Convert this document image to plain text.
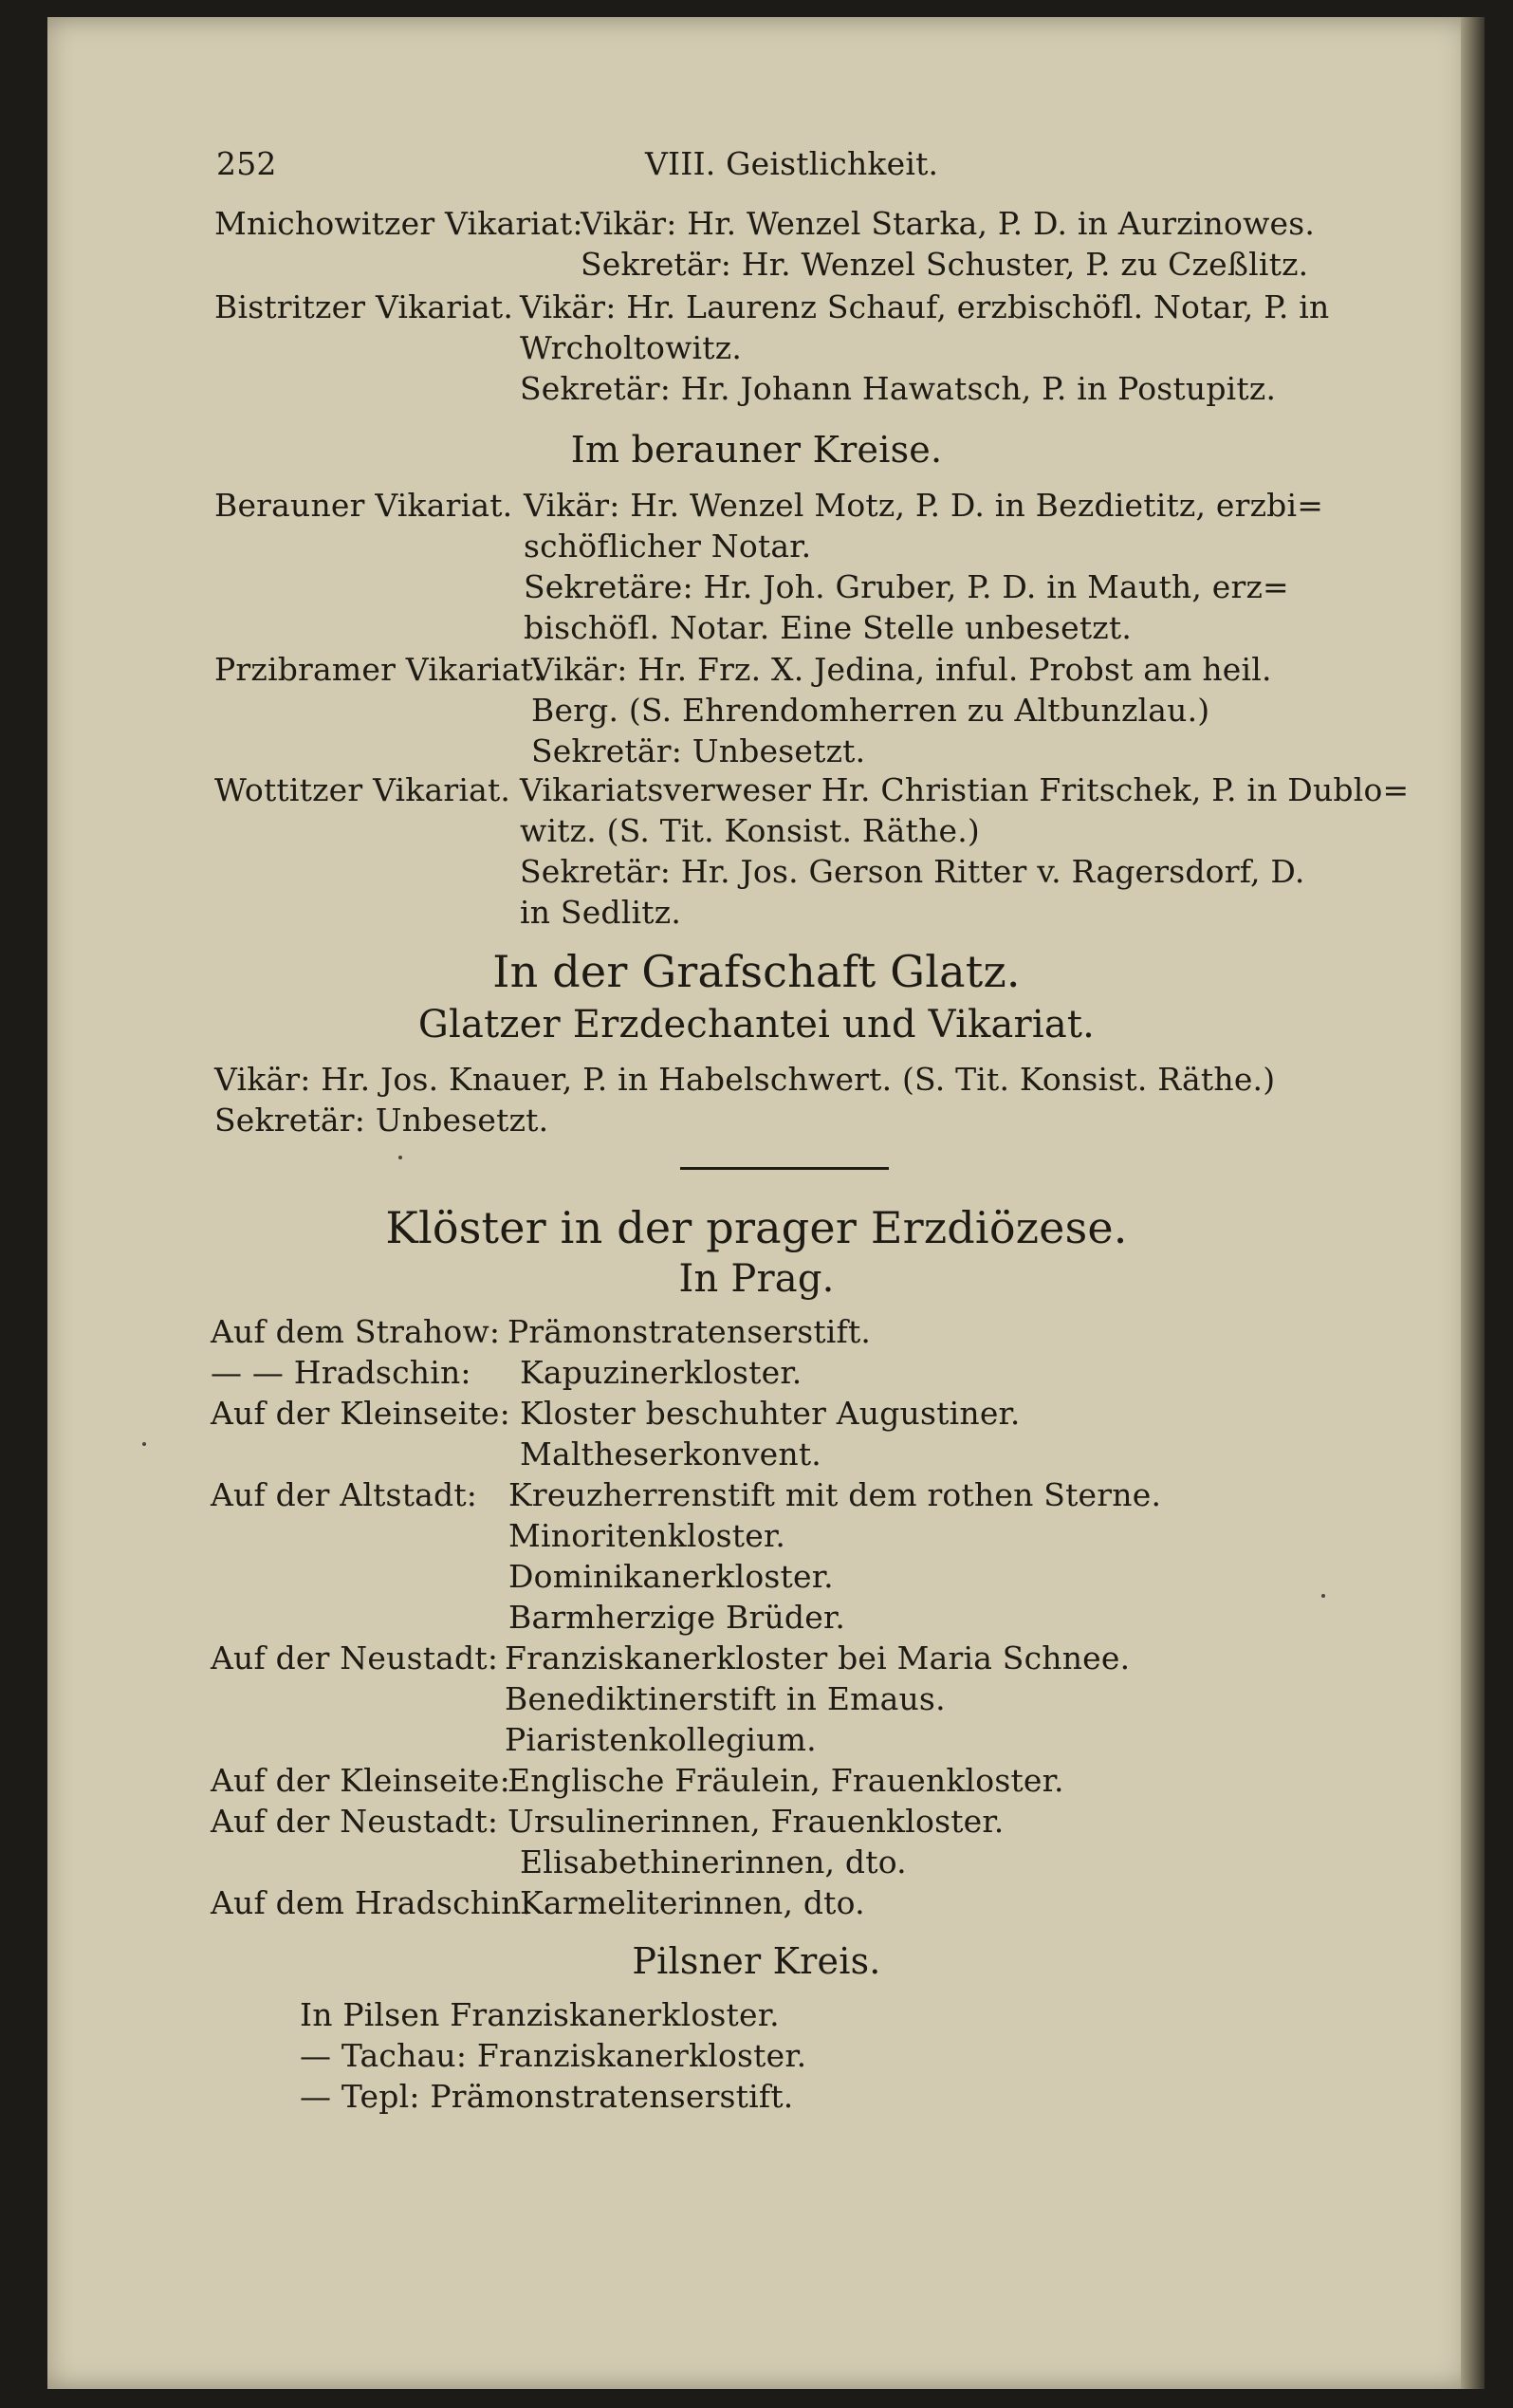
252	VIII. Geistlichkeit.
Mnichowitzer Vikariat:
Vikär: Hr. Wenzel Starka, P. D. in Aurzinowes.
Sekretär: Hr. Wenzel Schuster, P. zu Czeßlitz.
Bistritzer Vikariat. Vikär: Hr. Laurenz Schauf, erzbischöfl. Notar, P. in
Wrcholtowitz.
Sekretär: Hr. Johann Hawatsch, P. in Postupitz.
Im berauner Kreise.
Berauner Vikariat. Vikär: Hr. Wenzel Motz, P. D. in Bezdietitz, erzbi=
schöflicher Notar.
Sekretäre: Hr. Joh. Gruber, P. D. in Mauth, erz=
bischöfl. Notar. Eine Stelle unbesetzt.
Przibramer Vikariat.
Vikär: Hr. Frz. X. Jedina, inful. Probst am heil.
Berg. (S. Ehrendomherren zu Altbunzlau.)
Sekretär: Unbesetzt.
Wottitzer Vikariat. Vikariatsverweser Hr. Christian Fritschek, P. in Dublo=
witz. (S. Tit. Konsist. Räthe.)
Sekretär: Hr. Jos. Gerson Ritter v. Ragersdorf, D.
in Sedlitz.
In der Grafschaft Glatz.
Glatzer Erzdechantei und Vikariat.
Vikär: Hr. Jos. Knauer, P. in Habelschwert. (S. Tit. Konsist. Räthe.)
Sekretär: Unbesetzt.
Klöster in der prager Erzdiözese.
In Prag.
Auf dem Strahow: Prämonstratenserstift.
— — Hradschin: Kapuzinerkloster.
Auf der Kleinseite: Kloster beschuhter Augustiner.
Maltheserkonvent.
Auf der Altstadt: Kreuzherrenstift mit dem rothen Sterne.
Minoritenkloster.
Dominikanerkloster.
Barmherzige Brüder.
Auf der Neustadt: Franziskanerkloster bei Maria Schnee.
Benediktinerstift in Emaus.
Piaristenkollegium.
Auf der Kleinseite:
Englische Fräulein, Frauenkloster.
Auf der Neustadt: Ursulinerinnen, Frauenkloster.
Elisabethinerinnen, dto.
Auf dem Hradschin:
Karmeliterinnen, dto.
Pilsner Kreis.
In Pilsen Franziskanerkloster.
— Tachau: Franziskanerkloster.
— Tepl: Prämonstratenserstift.
